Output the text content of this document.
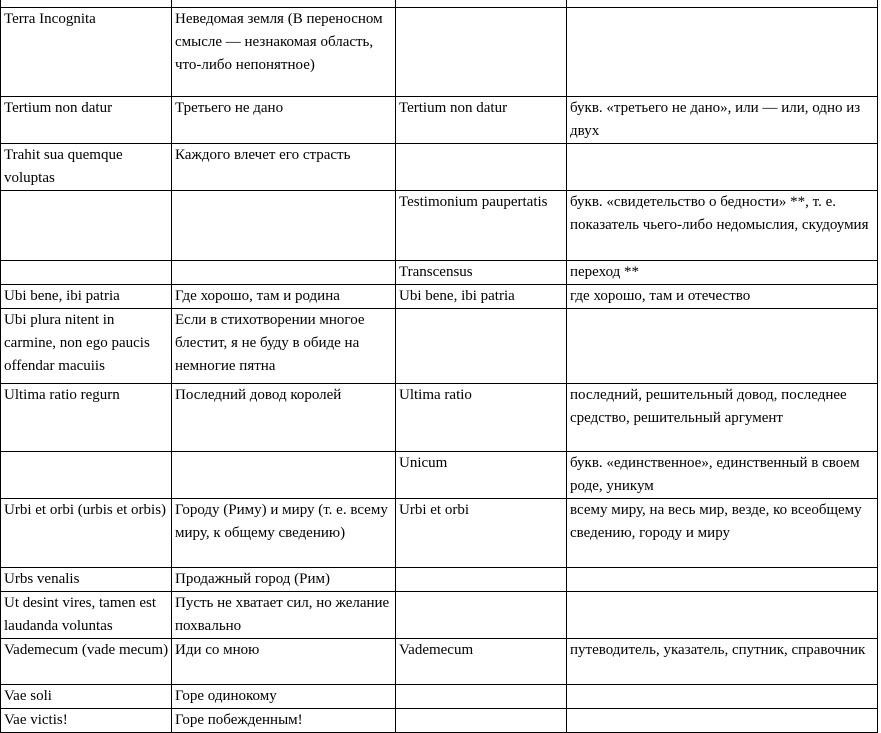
Terra Incognita	Неведомая земля (В переносном смысле — незнакомая область, что-либо непонятное)		

Tertium non datur	Третьего не дано	Tertium non datur	букв. «третьего не дано», или — или, одно из двух

Trahit sua quemque voluptas	Каждого влечет его страсть		

		Testimonium paupertatis	букв. «свидетельство о бедности» **, т. е. показатель чьего-либо недомыслия, скудоумия

		Transcensus	переход **

Ubi bene, ibi patria	Где хорошо, там и родина	Ubi bene, ibi patria	где хорошо, там и отечество

Ubi plura nitent in carmine, non ego paucis offendar macuiis	Если в стихотворении многое блестит, я не буду в обиде на немногие пятна		

Ultima ratio regurn	Последний довод королей	Ultima ratio	последний, решительный довод, последнее средство, решительный аргумент

		Unicum	букв. «единственное», единственный в своем роде, уникум

Urbi et orbi (urbis et orbis)	Городу (Риму) и миру (т. е. всему миру, к общему сведению)	Urbi et orbi	всему миру, на весь мир, везде, ко всеобщему сведению, городу и миру

Urbs venalis	Продажный город (Рим)		

Ut desint vires, tamen est laudanda voluntas	Пусть не хватает сил, но желание похвально		

Vademecum (vade mecum)	Иди со мною	Vademecum	путеводитель, указатель, спутник, справочник

Vae soli	Горе одинокому		

Vae victis!	Горе побежденным!		
